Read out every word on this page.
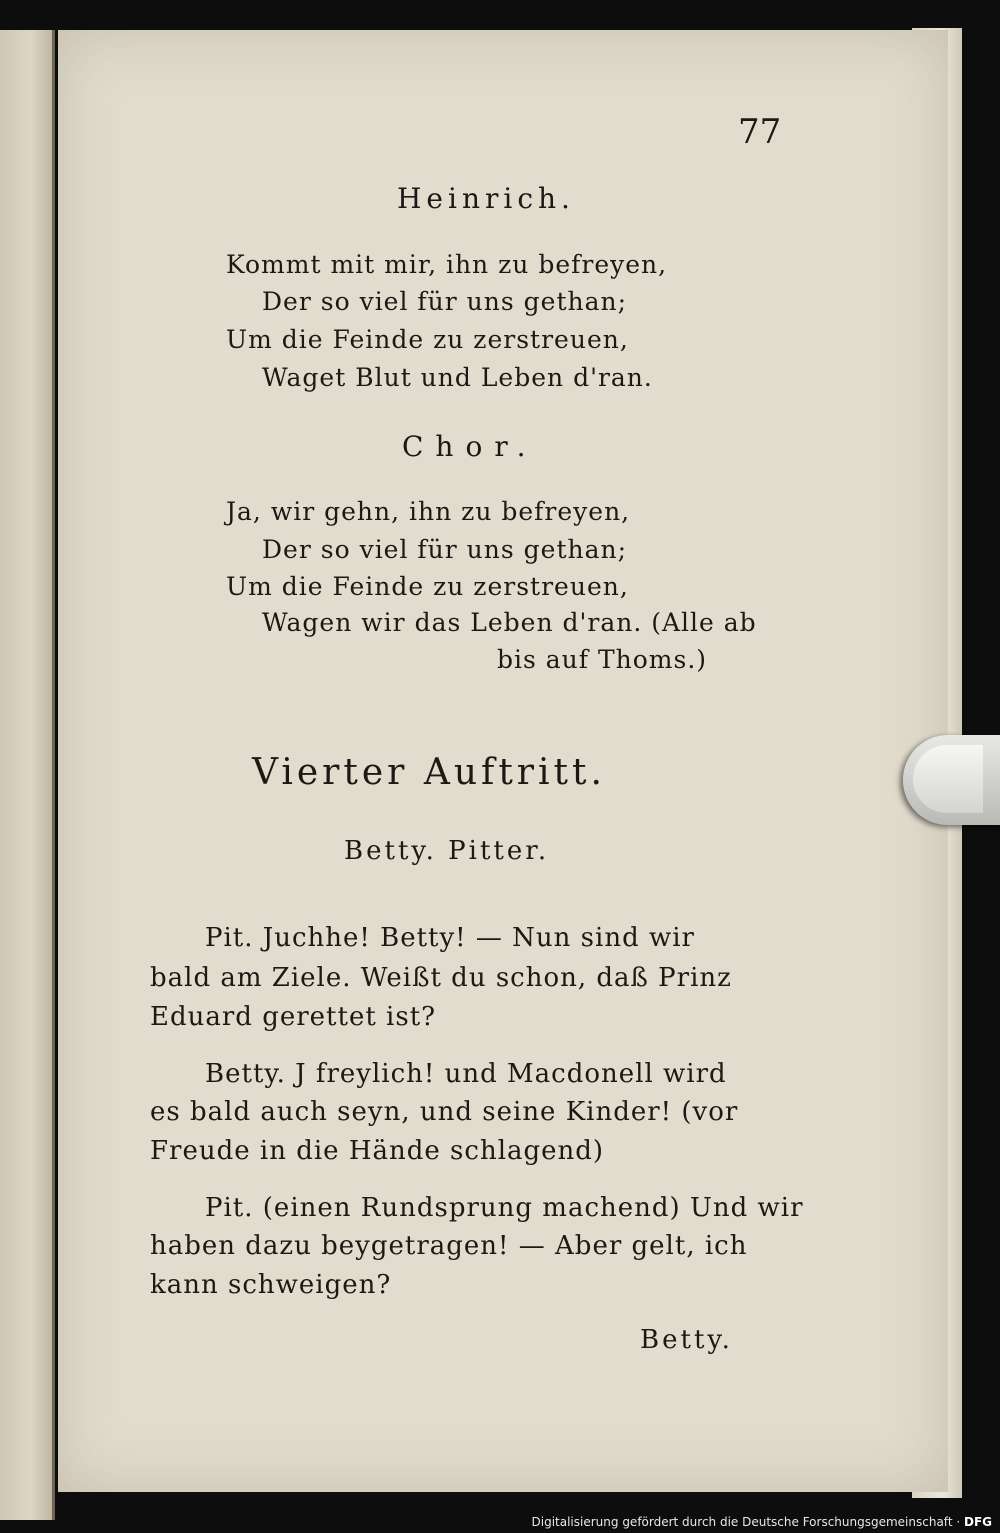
77
Heinrich.
Kommt mit mir, ihn zu befreyen,
Der so viel für uns gethan;
Um die Feinde zu zerstreuen,
Waget Blut und Leben d'ran.
Chor.
Ja, wir gehn, ihn zu befreyen,
Der so viel für uns gethan;
Um die Feinde zu zerstreuen,
Wagen wir das Leben d'ran. (Alle ab
bis auf Thoms.)
Vierter Auftritt.
Betty. Pitter.
Pit. Juchhe! Betty! — Nun sind wir
bald am Ziele. Weißt du schon, daß Prinz
Eduard gerettet ist?
Betty. J freylich! und Macdonell wird
es bald auch seyn, und seine Kinder! (vor
Freude in die Hände schlagend)
Pit. (einen Rundsprung machend) Und wir
haben dazu beygetragen! — Aber gelt, ich
kann schweigen?
Betty.
Digitalisierung gefördert durch die Deutsche Forschungsgemeinschaft · DFG
